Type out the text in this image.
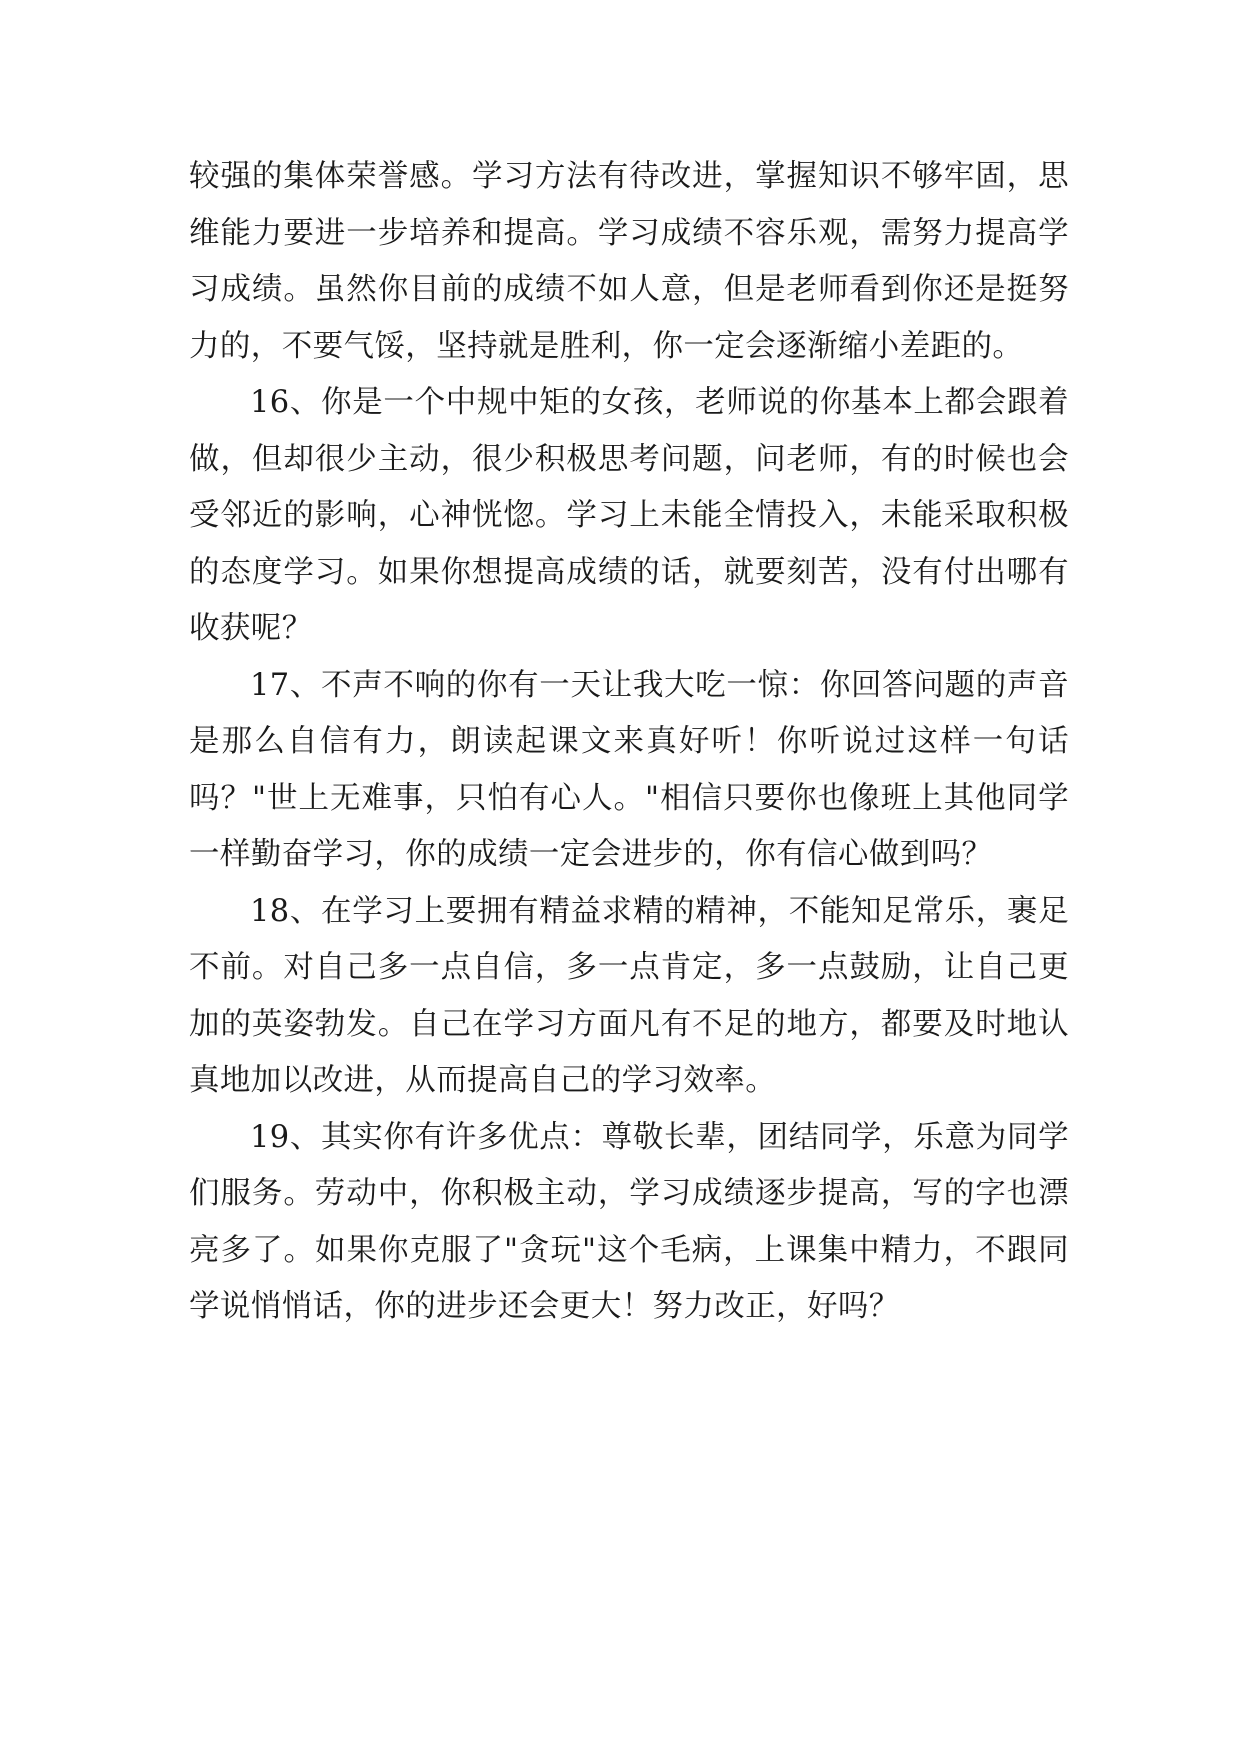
较强的集体荣誉感。学习方法有待改进，掌握知识不够牢固，思维能力要进一步培养和提高。学习成绩不容乐观，需努力提高学习成绩。虽然你目前的成绩不如人意，但是老师看到你还是挺努力的，不要气馁，坚持就是胜利，你一定会逐渐缩小差距的。

16、你是一个中规中矩的女孩，老师说的你基本上都会跟着做，但却很少主动，很少积极思考问题，问老师，有的时候也会受邻近的影响，心神恍惚。学习上未能全情投入，未能采取积极的态度学习。如果你想提高成绩的话，就要刻苦，没有付出哪有收获呢？

17、不声不响的你有一天让我大吃一惊：你回答问题的声音是那么自信有力，朗读起课文来真好听！你听说过这样一句话吗？"世上无难事，只怕有心人。"相信只要你也像班上其他同学一样勤奋学习，你的成绩一定会进步的，你有信心做到吗？

18、在学习上要拥有精益求精的精神，不能知足常乐，裹足不前。对自己多一点自信，多一点肯定，多一点鼓励，让自己更加的英姿勃发。自己在学习方面凡有不足的地方，都要及时地认真地加以改进，从而提高自己的学习效率。

19、其实你有许多优点：尊敬长辈，团结同学，乐意为同学们服务。劳动中，你积极主动，学习成绩逐步提高，写的字也漂亮多了。如果你克服了"贪玩"这个毛病，上课集中精力，不跟同学说悄悄话，你的进步还会更大！努力改正，好吗？
